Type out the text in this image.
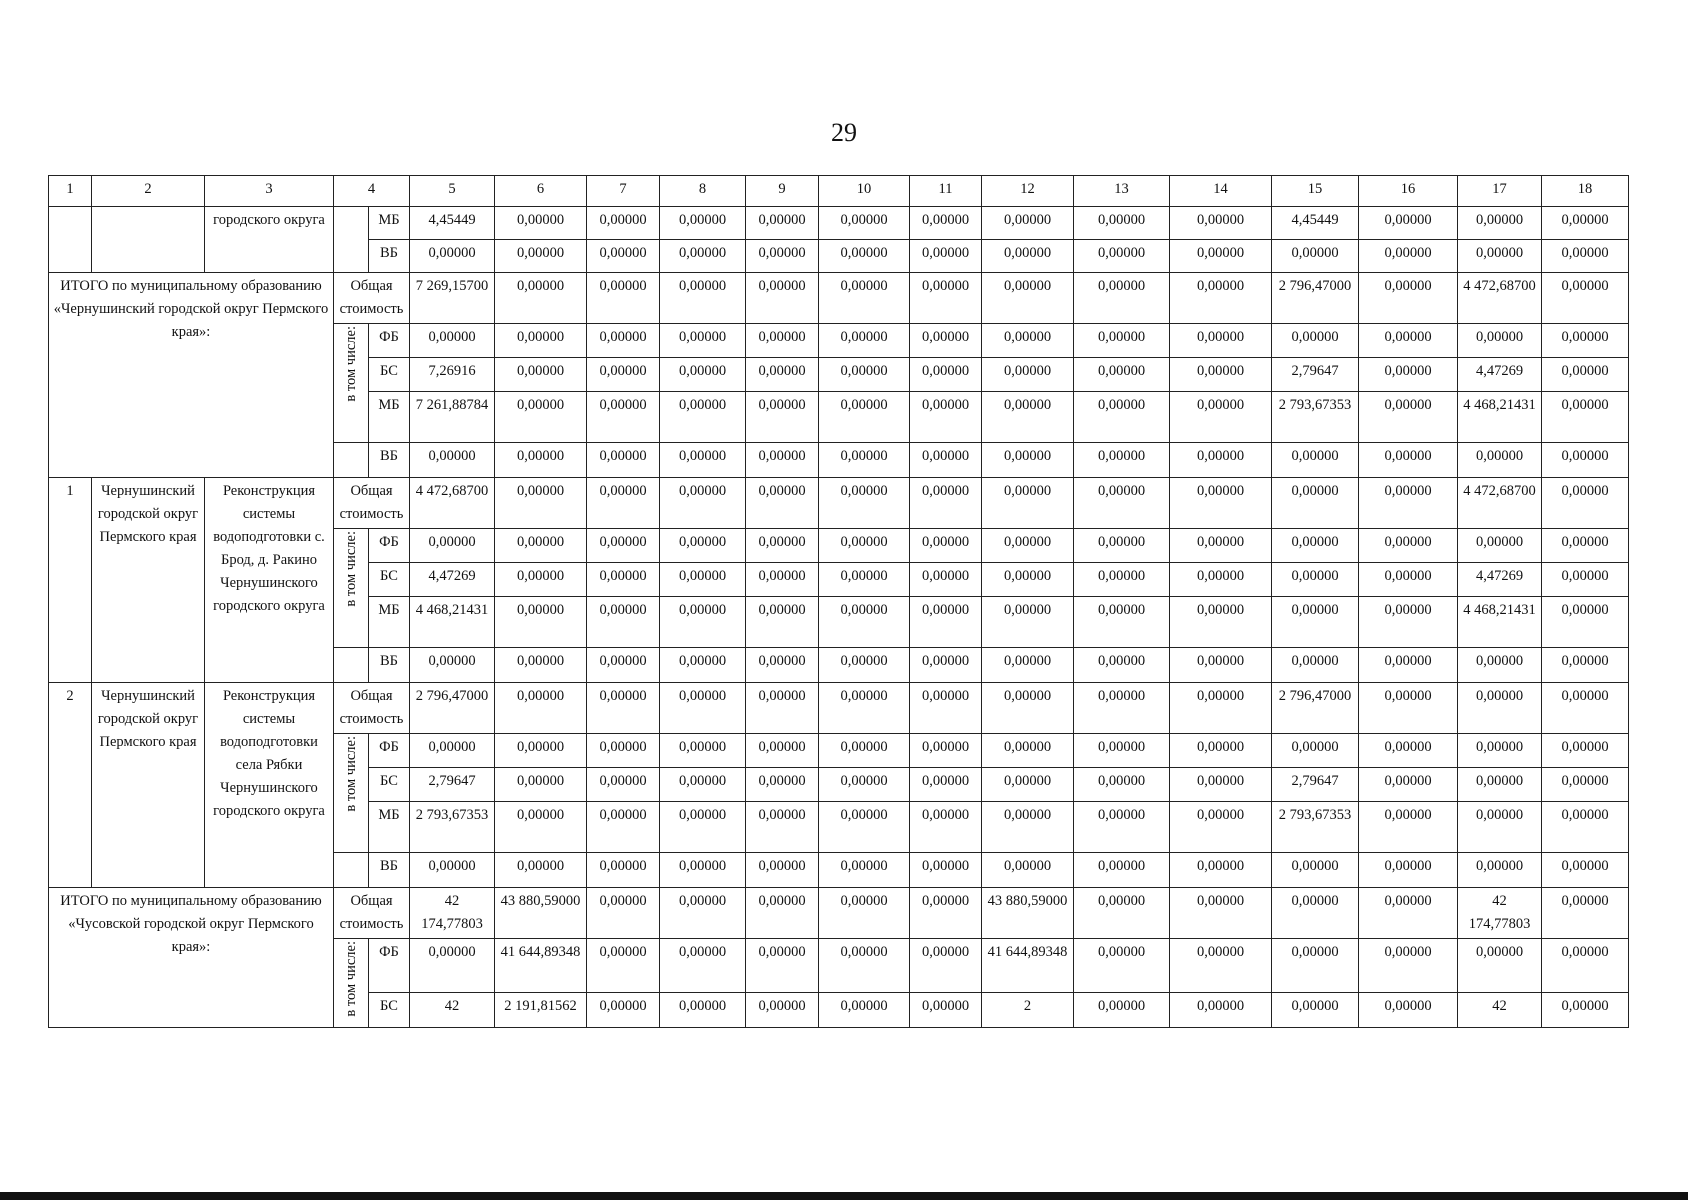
29
1	2	3	4		5	6	7	8	9	10	11	12	13	14	15	16	17	18
		городского округа		МБ	4,45449	0,00000	0,00000	0,00000	0,00000	0,00000	0,00000	0,00000	0,00000	0,00000	4,45449	0,00000	0,00000	0,00000
				ВБ	0,00000	0,00000	0,00000	0,00000	0,00000	0,00000	0,00000	0,00000	0,00000	0,00000	0,00000	0,00000	0,00000	0,00000
ИТОГО по муниципальному образованию «Чернушинский городской округ Пермского края»:			Общая стоимость		7 269,15700	0,00000	0,00000	0,00000	0,00000	0,00000	0,00000	0,00000	0,00000	0,00000	2 796,47000	0,00000	4 472,68700	0,00000
			в том числе:	ФБ	0,00000	0,00000	0,00000	0,00000	0,00000	0,00000	0,00000	0,00000	0,00000	0,00000	0,00000	0,00000	0,00000	0,00000
				БС	7,26916	0,00000	0,00000	0,00000	0,00000	0,00000	0,00000	0,00000	0,00000	0,00000	2,79647	0,00000	4,47269	0,00000
				МБ	7 261,88784	0,00000	0,00000	0,00000	0,00000	0,00000	0,00000	0,00000	0,00000	0,00000	2 793,67353	0,00000	4 468,21431	0,00000
				ВБ	0,00000	0,00000	0,00000	0,00000	0,00000	0,00000	0,00000	0,00000	0,00000	0,00000	0,00000	0,00000	0,00000	0,00000
1	Чернушинский городской округ Пермского края	Реконструкция системы водоподготовки с. Брод, д. Ракино Чернушинского городского округа	Общая стоимость		4 472,68700	0,00000	0,00000	0,00000	0,00000	0,00000	0,00000	0,00000	0,00000	0,00000	0,00000	0,00000	4 472,68700	0,00000
			в том числе:	ФБ	0,00000	0,00000	0,00000	0,00000	0,00000	0,00000	0,00000	0,00000	0,00000	0,00000	0,00000	0,00000	0,00000	0,00000
				БС	4,47269	0,00000	0,00000	0,00000	0,00000	0,00000	0,00000	0,00000	0,00000	0,00000	0,00000	0,00000	4,47269	0,00000
				МБ	4 468,21431	0,00000	0,00000	0,00000	0,00000	0,00000	0,00000	0,00000	0,00000	0,00000	0,00000	0,00000	4 468,21431	0,00000
				ВБ	0,00000	0,00000	0,00000	0,00000	0,00000	0,00000	0,00000	0,00000	0,00000	0,00000	0,00000	0,00000	0,00000	0,00000
2	Чернушинский городской округ Пермского края	Реконструкция системы водоподготовки села Рябки Чернушинского городского округа	Общая стоимость		2 796,47000	0,00000	0,00000	0,00000	0,00000	0,00000	0,00000	0,00000	0,00000	0,00000	2 796,47000	0,00000	0,00000	0,00000
			в том числе:	ФБ	0,00000	0,00000	0,00000	0,00000	0,00000	0,00000	0,00000	0,00000	0,00000	0,00000	0,00000	0,00000	0,00000	0,00000
				БС	2,79647	0,00000	0,00000	0,00000	0,00000	0,00000	0,00000	0,00000	0,00000	0,00000	2,79647	0,00000	0,00000	0,00000
				МБ	2 793,67353	0,00000	0,00000	0,00000	0,00000	0,00000	0,00000	0,00000	0,00000	0,00000	2 793,67353	0,00000	0,00000	0,00000
				ВБ	0,00000	0,00000	0,00000	0,00000	0,00000	0,00000	0,00000	0,00000	0,00000	0,00000	0,00000	0,00000	0,00000	0,00000
ИТОГО по муниципальному образованию «Чусовской городской округ Пермского края»:			Общая стоимость		42 174,77803	43 880,59000	0,00000	0,00000	0,00000	0,00000	0,00000	43 880,59000	0,00000	0,00000	0,00000	0,00000	42 174,77803	0,00000
			в том числе:	ФБ	0,00000	41 644,89348	0,00000	0,00000	0,00000	0,00000	0,00000	41 644,89348	0,00000	0,00000	0,00000	0,00000	0,00000	0,00000
				БС	42	2 191,81562	0,00000	0,00000	0,00000	0,00000	0,00000	2	0,00000	0,00000	0,00000	0,00000	42	0,00000
